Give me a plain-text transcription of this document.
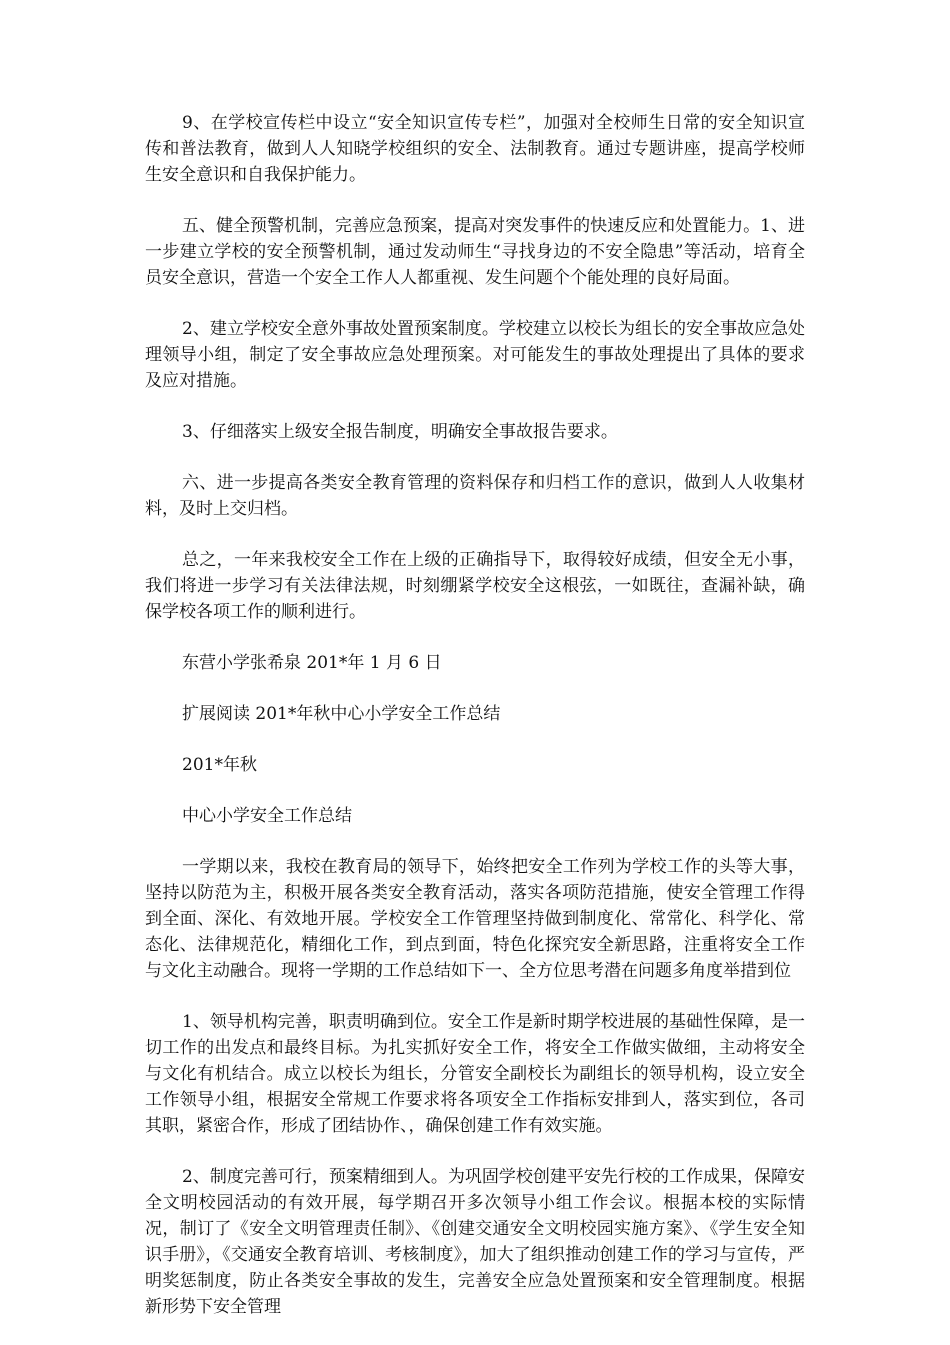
9、在学校宣传栏中设立“安全知识宣传专栏”，加强对全校师生日常的安全知识宣传和普法教育，做到人人知晓学校组织的安全、法制教育。通过专题讲座，提高学校师生安全意识和自我保护能力。

五、健全预警机制，完善应急预案，提高对突发事件的快速反应和处置能力。1、进一步建立学校的安全预警机制，通过发动师生“寻找身边的不安全隐患”等活动，培育全员安全意识，营造一个安全工作人人都重视、发生问题个个能处理的良好局面。

2、建立学校安全意外事故处置预案制度。学校建立以校长为组长的安全事故应急处理领导小组，制定了安全事故应急处理预案。对可能发生的事故处理提出了具体的要求及应对措施。

3、仔细落实上级安全报告制度，明确安全事故报告要求。

六、进一步提高各类安全教育管理的资料保存和归档工作的意识，做到人人收集材料，及时上交归档。

总之，一年来我校安全工作在上级的正确指导下，取得较好成绩，但安全无小事，我们将进一步学习有关法律法规，时刻绷紧学校安全这根弦，一如既往，查漏补缺，确保学校各项工作的顺利进行。

东营小学张希泉 201*年 1 月 6 日

扩展阅读 201*年秋中心小学安全工作总结

201*年秋

中心小学安全工作总结

一学期以来，我校在教育局的领导下，始终把安全工作列为学校工作的头等大事，坚持以防范为主，积极开展各类安全教育活动，落实各项防范措施，使安全管理工作得到全面、深化、有效地开展。学校安全工作管理坚持做到制度化、常常化、科学化、常态化、法律规范化，精细化工作，到点到面，特色化探究安全新思路，注重将安全工作与文化主动融合。现将一学期的工作总结如下一、全方位思考潜在问题多角度举措到位

1、领导机构完善，职责明确到位。安全工作是新时期学校进展的基础性保障，是一切工作的出发点和最终目标。为扎实抓好安全工作，将安全工作做实做细，主动将安全与文化有机结合。成立以校长为组长，分管安全副校长为副组长的领导机构，设立安全工作领导小组，根据安全常规工作要求将各项安全工作指标安排到人，落实到位，各司其职，紧密合作，形成了团结协作、，确保创建工作有效实施。

2、制度完善可行，预案精细到人。为巩固学校创建平安先行校的工作成果，保障安全文明校园活动的有效开展，每学期召开多次领导小组工作会议。根据本校的实际情况，制订了《安全文明管理责任制》、《创建交通安全文明校园实施方案》、《学生安全知识手册》，《交通安全教育培训、考核制度》，加大了组织推动创建工作的学习与宣传，严明奖惩制度，防止各类安全事故的发生，完善安全应急处置预案和安全管理制度。根据新形势下安全管理
